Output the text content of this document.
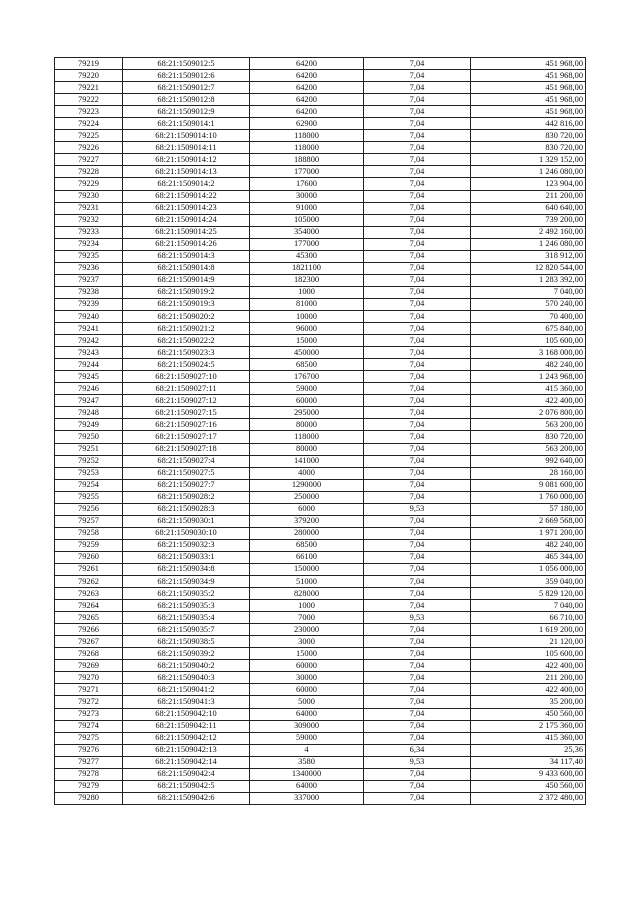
79219	68:21:1509012:5	64200	7,04	451 968,00
79220	68:21:1509012:6	64200	7,04	451 968,00
79221	68:21:1509012:7	64200	7,04	451 968,00
79222	68:21:1509012:8	64200	7,04	451 968,00
79223	68:21:1509012:9	64200	7,04	451 968,00
79224	68:21:1509014:1	62900	7,04	442 816,00
79225	68:21:1509014:10	118000	7,04	830 720,00
79226	68:21:1509014:11	118000	7,04	830 720,00
79227	68:21:1509014:12	188800	7,04	1 329 152,00
79228	68:21:1509014:13	177000	7,04	1 246 080,00
79229	68:21:1509014:2	17600	7,04	123 904,00
79230	68:21:1509014:22	30000	7,04	211 200,00
79231	68:21:1509014:23	91000	7,04	640 640,00
79232	68:21:1509014:24	105000	7,04	739 200,00
79233	68:21:1509014:25	354000	7,04	2 492 160,00
79234	68:21:1509014:26	177000	7,04	1 246 080,00
79235	68:21:1509014:3	45300	7,04	318 912,00
79236	68:21:1509014:8	1821100	7,04	12 820 544,00
79237	68:21:1509014:9	182300	7,04	1 283 392,00
79238	68:21:1509019:2	1000	7,04	7 040,00
79239	68:21:1509019:3	81000	7,04	570 240,00
79240	68:21:1509020:2	10000	7,04	70 400,00
79241	68:21:1509021:2	96000	7,04	675 840,00
79242	68:21:1509022:2	15000	7,04	105 600,00
79243	68:21:1509023:3	450000	7,04	3 168 000,00
79244	68:21:1509024:5	68500	7,04	482 240,00
79245	68:21:1509027:10	176700	7,04	1 243 968,00
79246	68:21:1509027:11	59000	7,04	415 360,00
79247	68:21:1509027:12	60000	7,04	422 400,00
79248	68:21:1509027:15	295000	7,04	2 076 800,00
79249	68:21:1509027:16	80000	7,04	563 200,00
79250	68:21:1509027:17	118000	7,04	830 720,00
79251	68:21:1509027:18	80000	7,04	563 200,00
79252	68:21:1509027:4	141000	7,04	992 640,00
79253	68:21:1509027:5	4000	7,04	28 160,00
79254	68:21:1509027:7	1290000	7,04	9 081 600,00
79255	68:21:1509028:2	250000	7,04	1 760 000,00
79256	68:21:1509028:3	6000	9,53	57 180,00
79257	68:21:1509030:1	379200	7,04	2 669 568,00
79258	68:21:1509030:10	280000	7,04	1 971 200,00
79259	68:21:1509032:3	68500	7,04	482 240,00
79260	68:21:1509033:1	66100	7,04	465 344,00
79261	68:21:1509034:8	150000	7,04	1 056 000,00
79262	68:21:1509034:9	51000	7,04	359 040,00
79263	68:21:1509035:2	828000	7,04	5 829 120,00
79264	68:21:1509035:3	1000	7,04	7 040,00
79265	68:21:1509035:4	7000	9,53	66 710,00
79266	68:21:1509035:7	230000	7,04	1 619 200,00
79267	68:21:1509038:5	3000	7,04	21 120,00
79268	68:21:1509039:2	15000	7,04	105 600,00
79269	68:21:1509040:2	60000	7,04	422 400,00
79270	68:21:1509040:3	30000	7,04	211 200,00
79271	68:21:1509041:2	60000	7,04	422 400,00
79272	68:21:1509041:3	5000	7,04	35 200,00
79273	68:21:1509042:10	64000	7,04	450 560,00
79274	68:21:1509042:11	309000	7,04	2 175 360,00
79275	68:21:1509042:12	59000	7,04	415 360,00
79276	68:21:1509042:13	4	6,34	25,36
79277	68:21:1509042:14	3580	9,53	34 117,40
79278	68:21:1509042:4	1340000	7,04	9 433 600,00
79279	68:21:1509042:5	64000	7,04	450 560,00
79280	68:21:1509042:6	337000	7,04	2 372 480,00
